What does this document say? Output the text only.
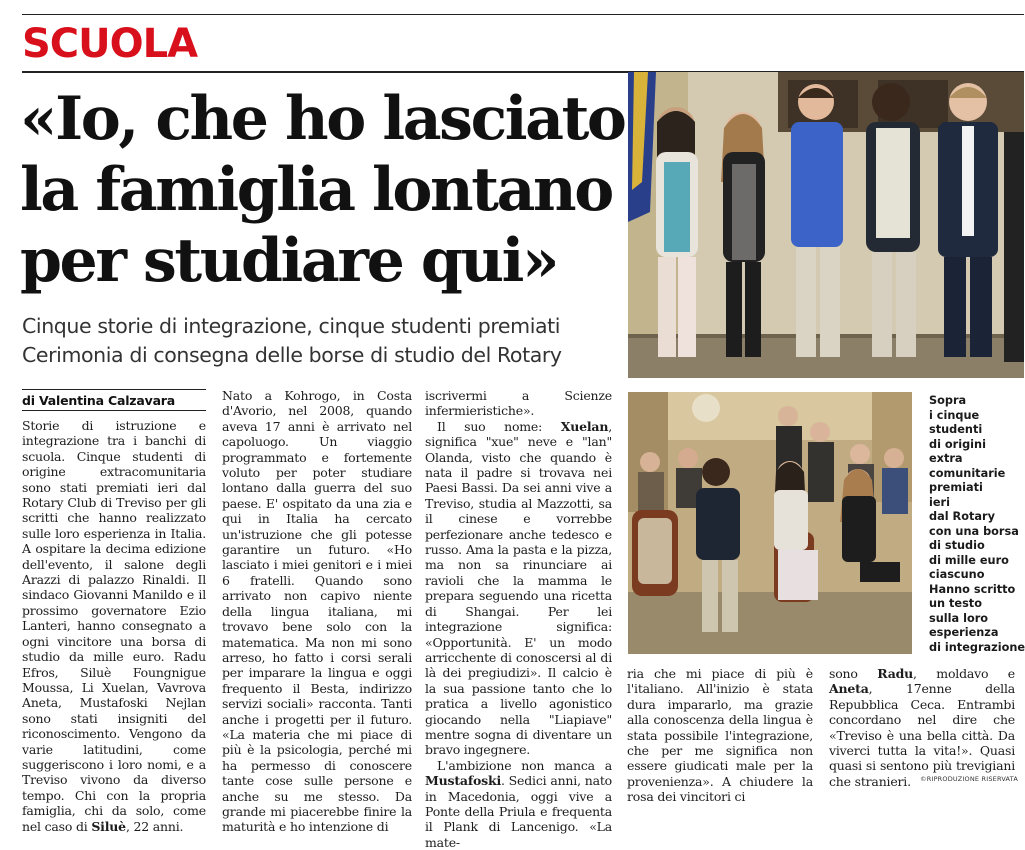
SCUOLA
«Io, che ho lasciato
la famiglia lontano
per studiare qui»
Cinque storie di integrazione, cinque studenti premiati
Cerimonia di consegna delle borse di studio del Rotary
Sopra
i cinque
studenti
di origini
extra
comunitarie
premiati
ieri
dal Rotary
con una borsa
di studio
di mille euro
ciascuno
Hanno scritto
un testo
sulla loro
esperienza
di integrazione
di Valentina Calzavara

Storie di istruzione e integrazione tra i banchi di scuola. Cinque studenti di origine extracomunitaria sono stati premiati ieri dal Rotary Club di Treviso per gli scritti che hanno realizzato sulle loro esperienza in Italia. A ospitare la decima edizione dell'evento, il salone degli Arazzi di palazzo Rinaldi. Il sindaco Giovanni Manildo e il prossimo governatore Ezio Lanteri, hanno consegnato a ogni vincitore una borsa di studio da mille euro. Radu Efros, Siluè Foungnigue Moussa, Li Xuelan, Vavrova Aneta, Mustafoski Nejlan sono stati insigniti del riconoscimento. Vengono da varie latitudini, come suggeriscono i loro nomi, e a Treviso vivono da diverso tempo. Chi con la propria famiglia, chi da solo, come nel caso di Siluè, 22 anni.

Nato a Kohrogo, in Costa d'Avorio, nel 2008, quando aveva 17 anni è arrivato nel capoluogo. Un viaggio programmato e fortemente voluto per poter studiare lontano dalla guerra del suo paese. E' ospitato da una zia e qui in Italia ha cercato un'istruzione che gli potesse garantire un futuro. «Ho lasciato i miei genitori e i miei 6 fratelli. Quando sono arrivato non capivo niente della lingua italiana, mi trovavo bene solo con la matematica. Ma non mi sono arreso, ho fatto i corsi serali per imparare la lingua e oggi frequento il Besta, indirizzo servizi sociali» racconta. Tanti anche i progetti per il futuro. «La materia che mi piace di più è la psicologia, perché mi ha permesso di conoscere tante cose sulle persone e anche su me stesso. Da grande mi piacerebbe finire la maturità e ho intenzione di

iscrivermi a Scienze infermieristiche».

Il suo nome: Xuelan, significa "xue" neve e "lan" Olanda, visto che quando è nata il padre si trovava nei Paesi Bassi. Da sei anni vive a Treviso, studia al Mazzotti, sa il cinese e vorrebbe perfezionare anche tedesco e russo. Ama la pasta e la pizza, ma non sa rinunciare ai ravioli che la mamma le prepara seguendo una ricetta di Shangai. Per lei integrazione significa: «Opportunità. E' un modo arricchente di conoscersi al di là dei pregiudizi». Il calcio è la sua passione tanto che lo pratica a livello agonistico giocando nella "Liapiave" mentre sogna di diventare un bravo ingegnere.

L'ambizione non manca a Mustafoski. Sedici anni, nato in Macedonia, oggi vive a Ponte della Priula e frequenta il Plank di Lancenigo. «La mate-

ria che mi piace di più è l'italiano. All'inizio è stata dura impararlo, ma grazie alla conoscenza della lingua è stata possibile l'integrazione, che per me significa non essere giudicati male per la provenienza». A chiudere la rosa dei vincitori ci

sono Radu, moldavo e Aneta, 17enne della Repubblica Ceca. Entrambi concordano nel dire che «Treviso è una bella città. Da viverci tutta la vita!». Quasi quasi si sentono più trevigiani che stranieri.	©RIPRODUZIONE RISERVATA
